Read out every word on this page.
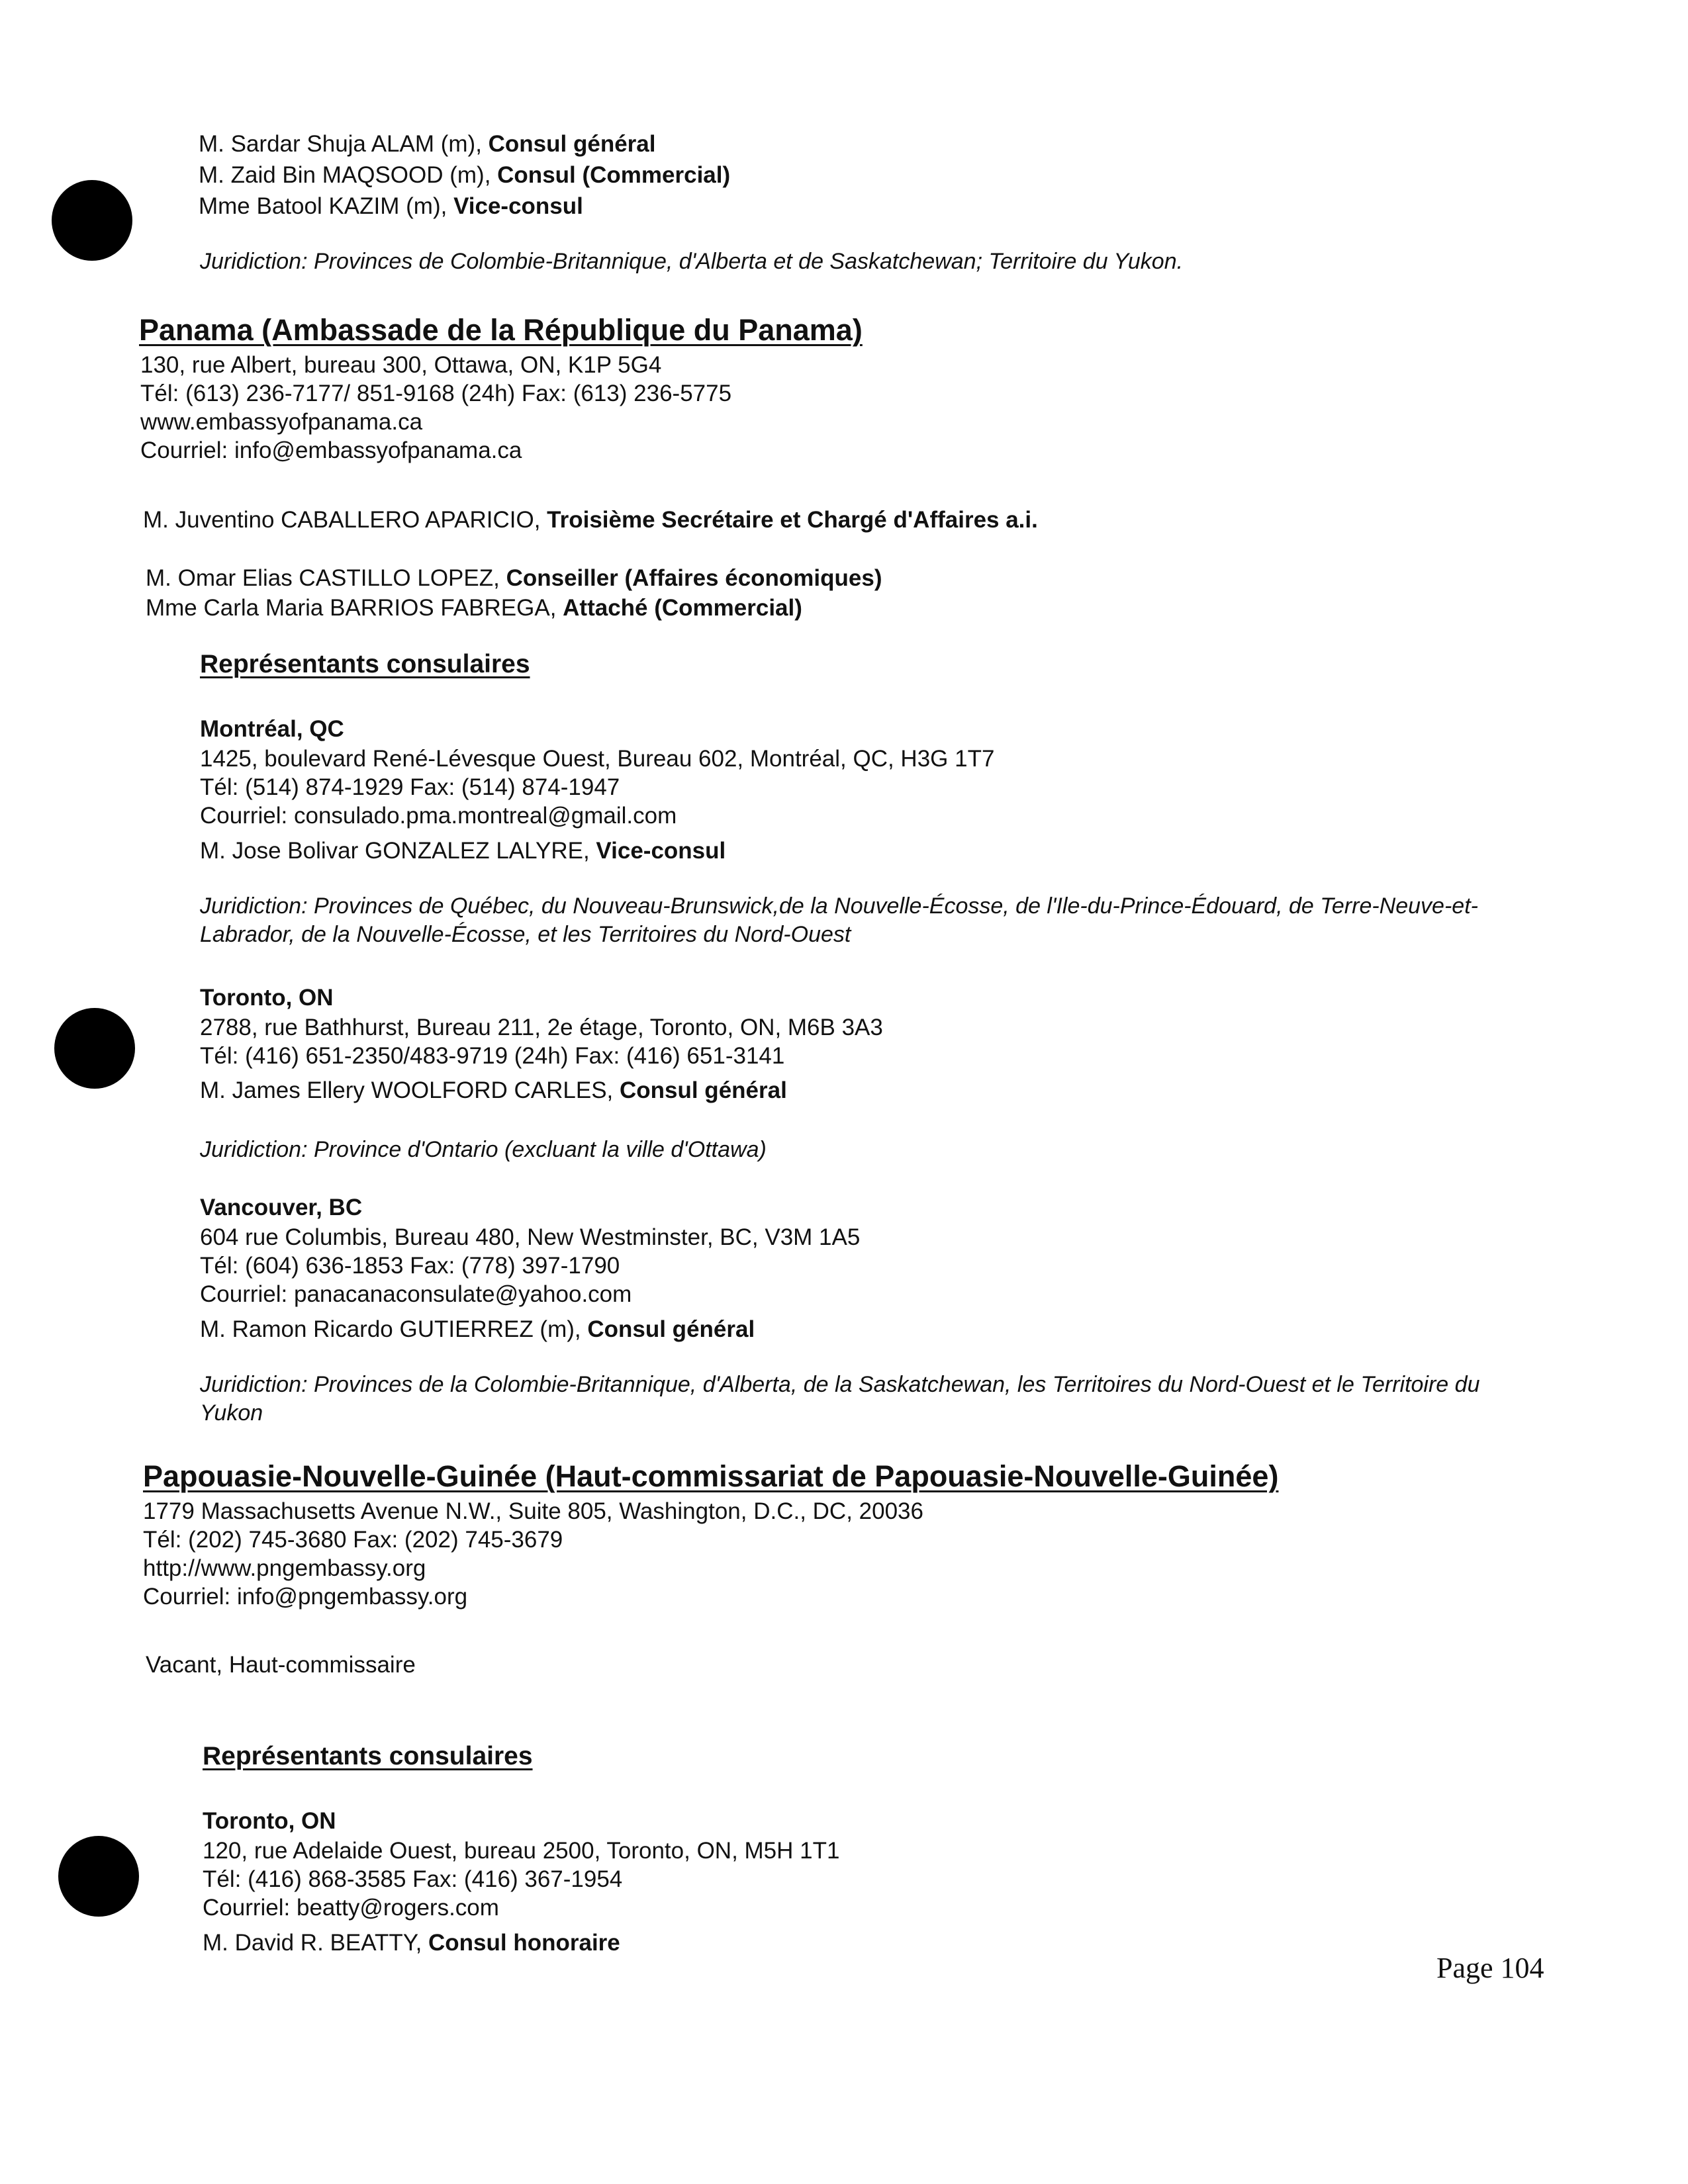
M. Sardar Shuja ALAM (m), Consul général
M. Zaid Bin MAQSOOD (m), Consul (Commercial)
Mme Batool KAZIM (m), Vice-consul
Juridiction: Provinces de Colombie-Britannique, d'Alberta et de Saskatchewan; Territoire du Yukon.
Panama (Ambassade de la République du Panama)
130, rue Albert, bureau 300, Ottawa, ON, K1P 5G4
Tél: (613) 236-7177/ 851-9168 (24h) Fax: (613) 236-5775
www.embassyofpanama.ca
Courriel: info@embassyofpanama.ca
M. Juventino CABALLERO APARICIO, Troisième Secrétaire et Chargé d'Affaires a.i.
M. Omar Elias CASTILLO LOPEZ, Conseiller (Affaires économiques)
Mme Carla Maria BARRIOS FABREGA, Attaché (Commercial)
Représentants consulaires
Montréal, QC
1425, boulevard René-Lévesque Ouest, Bureau 602, Montréal, QC, H3G 1T7
Tél: (514) 874-1929 Fax: (514) 874-1947
Courriel: consulado.pma.montreal@gmail.com
M. Jose Bolivar GONZALEZ LALYRE, Vice-consul
Juridiction: Provinces de Québec, du Nouveau-Brunswick,de la Nouvelle-Écosse, de l'Ile-du-Prince-Édouard, de Terre-Neuve-et- Labrador, de la Nouvelle-Écosse, et les Territoires du Nord-Ouest
Toronto, ON
2788, rue Bathhurst, Bureau 211, 2e étage, Toronto, ON, M6B 3A3
Tél: (416) 651-2350/483-9719 (24h) Fax: (416) 651-3141
M. James Ellery WOOLFORD CARLES, Consul général
Juridiction: Province d'Ontario (excluant la ville d'Ottawa)
Vancouver, BC
604 rue Columbis, Bureau 480, New Westminster, BC, V3M 1A5
Tél: (604) 636-1853 Fax: (778) 397-1790
Courriel: panacanaconsulate@yahoo.com
M. Ramon Ricardo GUTIERREZ (m), Consul général
Juridiction: Provinces de la Colombie-Britannique, d'Alberta, de la Saskatchewan, les Territoires du Nord-Ouest et le Territoire du Yukon
Papouasie-Nouvelle-Guinée (Haut-commissariat de Papouasie-Nouvelle-Guinée)
1779 Massachusetts Avenue N.W., Suite 805, Washington, D.C., DC, 20036
Tél: (202) 745-3680 Fax: (202) 745-3679
http://www.pngembassy.org
Courriel: info@pngembassy.org
Vacant, Haut-commissaire
Représentants consulaires
Toronto, ON
120, rue Adelaide Ouest, bureau 2500, Toronto, ON, M5H 1T1
Tél: (416) 868-3585 Fax: (416) 367-1954
Courriel: beatty@rogers.com
M. David R. BEATTY, Consul honoraire
Page 104
